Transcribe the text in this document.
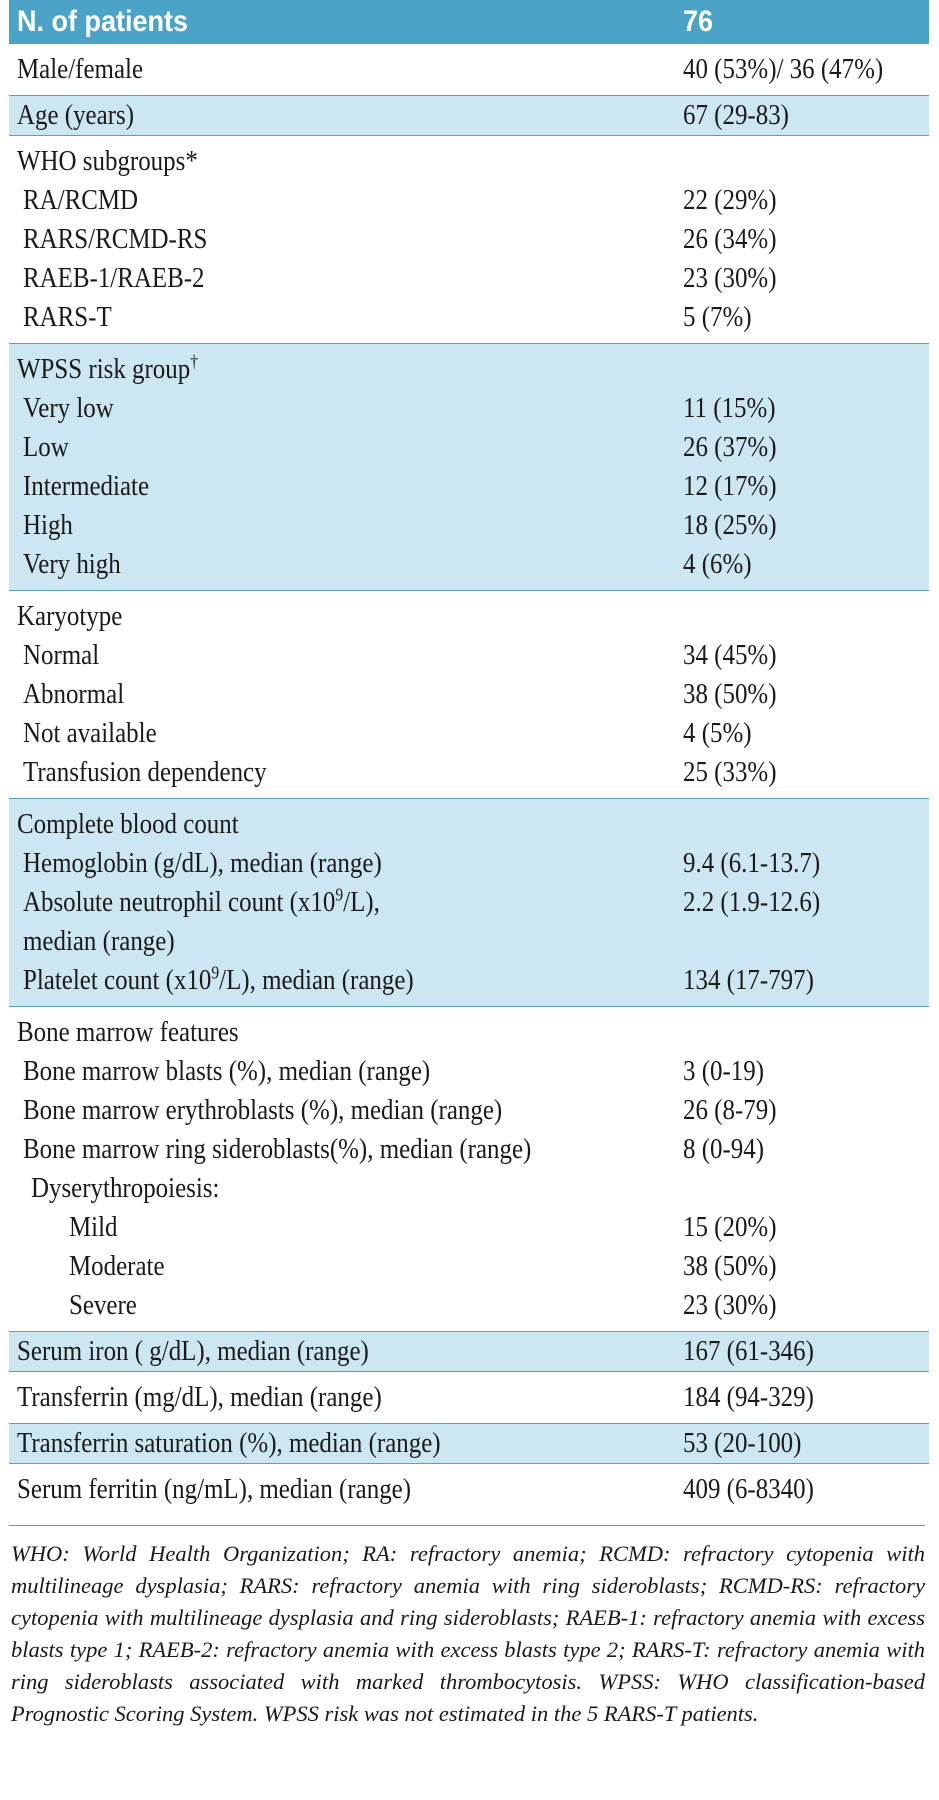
N. of patients	76
Male/female	40 (53%)/ 36 (47%)
Age (years)	67 (29-83)
WHO subgroups*	
RA/RCMD	22 (29%)
RARS/RCMD-RS	26 (34%)
RAEB-1/RAEB-2	23 (30%)
RARS-T	5 (7%)
WPSS risk group†	
Very low	11 (15%)
Low	26 (37%)
Intermediate	12 (17%)
High	18 (25%)
Very high	4 (6%)
Karyotype	
Normal	34 (45%)
Abnormal	38 (50%)
Not available	4 (5%)
Transfusion dependency	25 (33%)
Complete blood count	
Hemoglobin (g/dL), median (range)	9.4 (6.1-13.7)
Absolute neutrophil count $(x10^9/L)$,	2.2 (1.9-12.6)
median (range)	
Platelet count $(x10^9/L)$, median (range)	134 (17-797)
Bone marrow features	
Bone marrow blasts (%), median (range)	3 (0-19)
Bone marrow erythroblasts (%), median (range)	26 (8-79)
Bone marrow ring sideroblasts(%), median (range)	8 (0-94)
Dyserythropoiesis:	
Mild	15 (20%)
Moderate	38 (50%)
Severe	23 (30%)
Serum iron ( g/dL), median (range)	167 (61-346)
Transferrin (mg/dL), median (range)	184 (94-329)
Transferrin saturation (%), median (range)	53 (20-100)
Serum ferritin (ng/mL), median (range)	409 (6-8340)
WHO: World Health Organization; RA: refractory anemia; RCMD: refractory cytopenia with multilineage dysplasia; RARS: refractory anemia with ring sideroblasts; RCMD-RS: refractory cytopenia with multilineage dysplasia and ring sideroblasts; RAEB-1: refractory anemia with excess blasts type 1; RAEB-2: refractory anemia with excess blasts type 2; RARS-T: refractory anemia with ring sideroblasts associated with marked thrombocytosis. WPSS: WHO classification-based Prognostic Scoring System. WPSS risk was not estimated in the 5 RARS-T patients.
